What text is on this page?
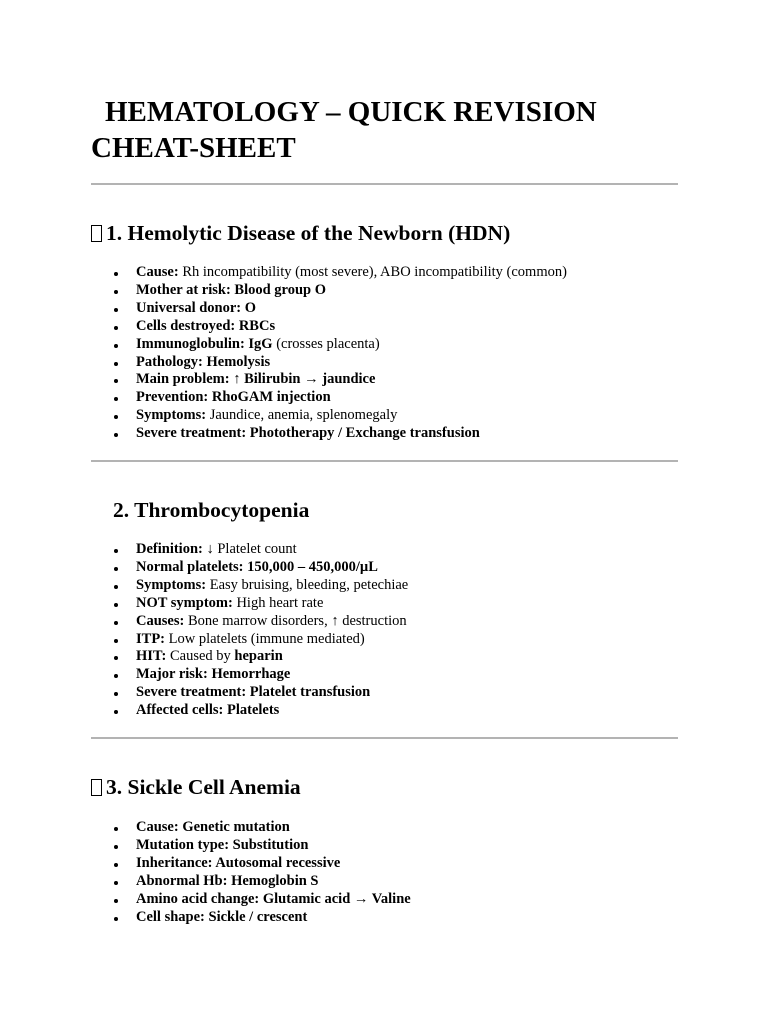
HEMATOLOGY – QUICK REVISION
CHEAT-SHEET
1. Hemolytic Disease of the Newborn (HDN)
Cause: Rh incompatibility (most severe), ABO incompatibility (common)
Mother at risk: Blood group O
Universal donor: O
Cells destroyed: RBCs
Immunoglobulin: IgG (crosses placenta)
Pathology: Hemolysis
Main problem: ↑ Bilirubin → jaundice
Prevention: RhoGAM injection
Symptoms: Jaundice, anemia, splenomegaly
Severe treatment: Phototherapy / Exchange transfusion
2. Thrombocytopenia
Definition: ↓ Platelet count
Normal platelets: 150,000 – 450,000/µL
Symptoms: Easy bruising, bleeding, petechiae
NOT symptom: High heart rate
Causes: Bone marrow disorders, ↑ destruction
ITP: Low platelets (immune mediated)
HIT: Caused by heparin
Major risk: Hemorrhage
Severe treatment: Platelet transfusion
Affected cells: Platelets
3. Sickle Cell Anemia
Cause: Genetic mutation
Mutation type: Substitution
Inheritance: Autosomal recessive
Abnormal Hb: Hemoglobin S
Amino acid change: Glutamic acid → Valine
Cell shape: Sickle / crescent
